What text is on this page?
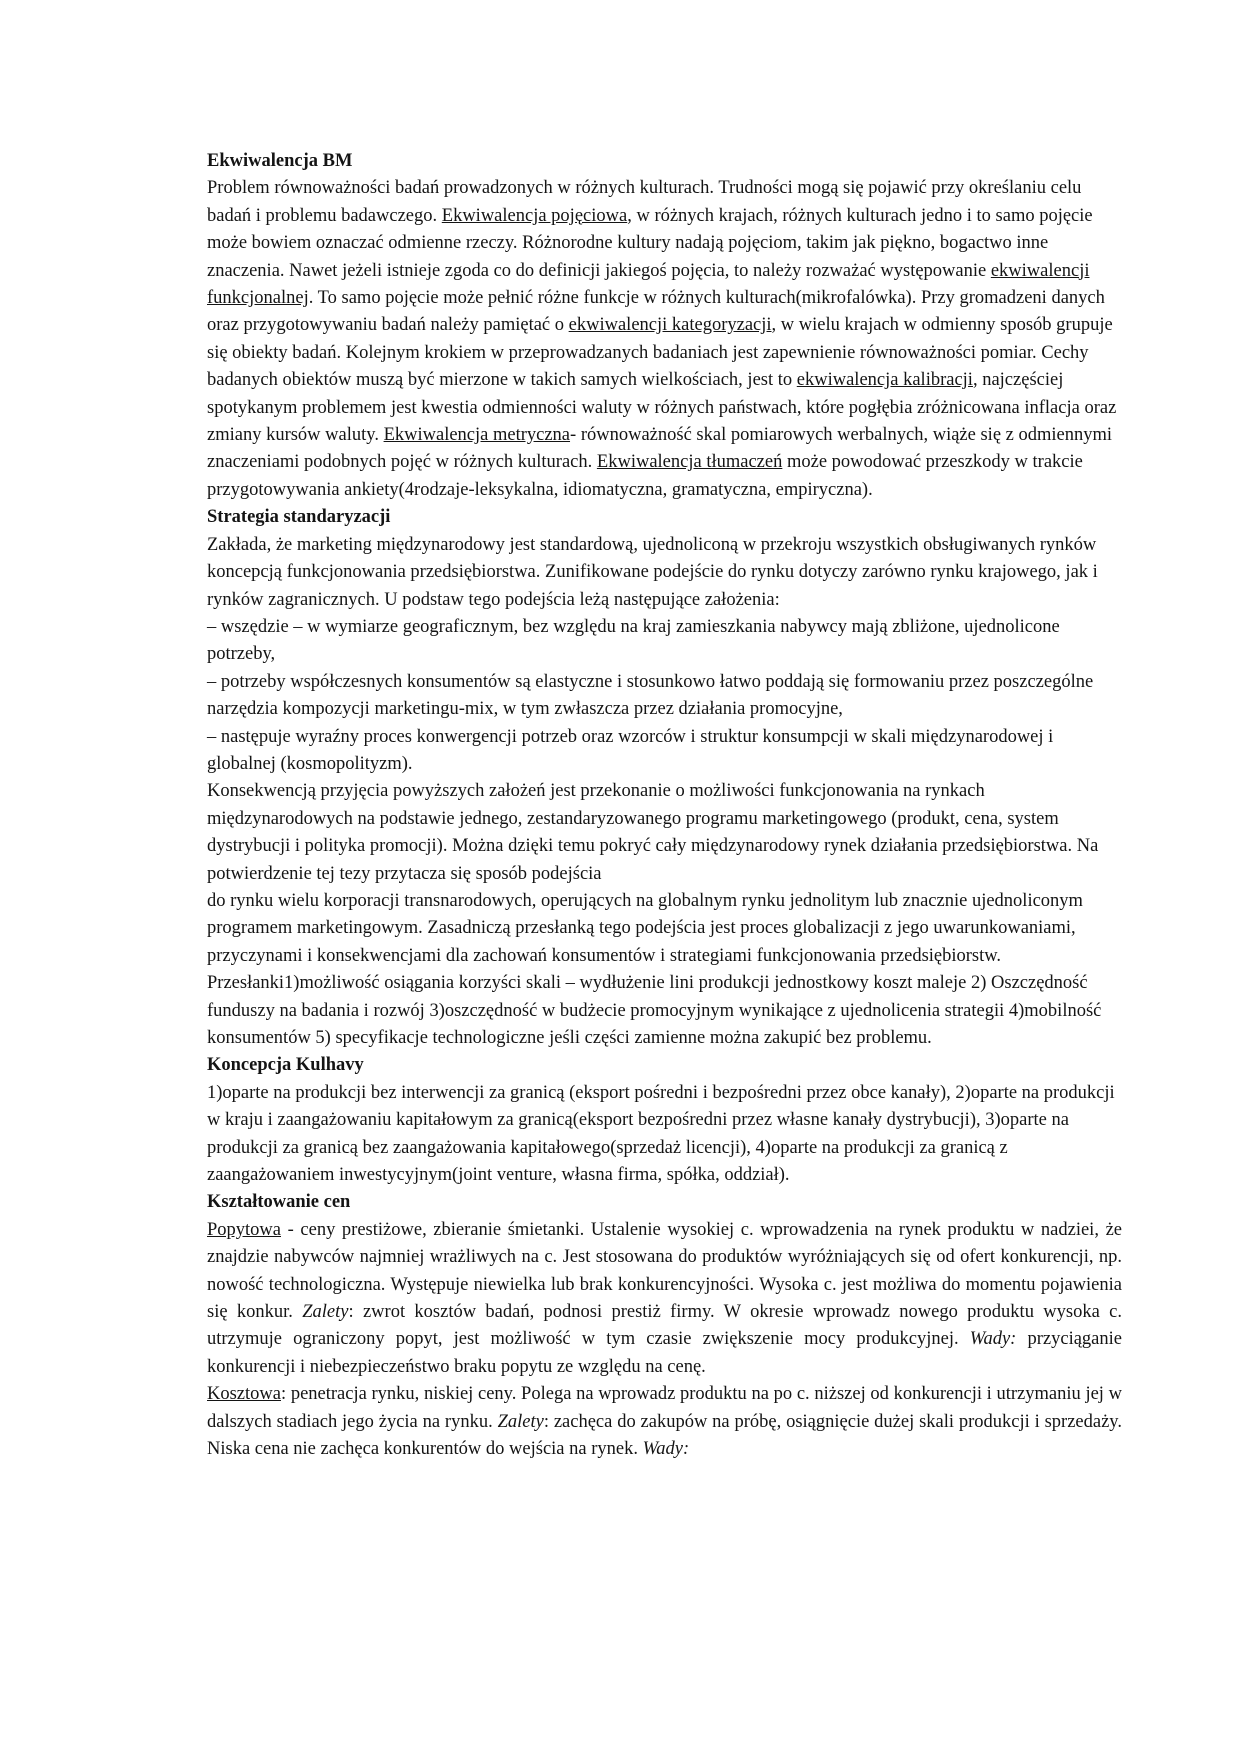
Ekwiwalencja BM
Problem równoważności badań prowadzonych w różnych kulturach. Trudności mogą się pojawić przy określaniu celu badań i problemu badawczego. Ekwiwalencja pojęciowa, w różnych krajach, różnych kulturach jedno i to samo pojęcie może bowiem oznaczać odmienne rzeczy. Różnorodne kultury nadają pojęciom, takim jak piękno, bogactwo inne znaczenia. Nawet jeżeli istnieje zgoda co do definicji jakiegoś pojęcia, to należy rozważać występowanie ekwiwalencji funkcjonalnej. To samo pojęcie może pełnić różne funkcje w różnych kulturach(mikrofalówka). Przy gromadzeni danych oraz przygotowywaniu badań należy pamiętać o ekwiwalencji kategoryzacji, w wielu krajach w odmienny sposób grupuje się obiekty badań. Kolejnym krokiem w przeprowadzanych badaniach jest zapewnienie równoważności pomiar. Cechy badanych obiektów muszą być mierzone w takich samych wielkościach, jest to ekwiwalencja kalibracji, najczęściej spotykanym problemem jest kwestia odmienności waluty w różnych państwach, które pogłębia zróżnicowana inflacja oraz zmiany kursów waluty. Ekwiwalencja metryczna- równoważność skal pomiarowych werbalnych, wiąże się z odmiennymi znaczeniami podobnych pojęć w różnych kulturach. Ekwiwalencja tłumaczeń może powodować przeszkody w trakcie przygotowywania ankiety(4rodzaje-leksykalna, idiomatyczna, gramatyczna, empiryczna).
Strategia standaryzacji
Zakłada, że marketing międzynarodowy jest standardową, ujednoliconą w przekroju wszystkich obsługiwanych rynków koncepcją funkcjonowania przedsiębiorstwa. Zunifikowane podejście do rynku dotyczy zarówno rynku krajowego, jak i rynków zagranicznych. U podstaw tego podejścia leżą następujące założenia:
– wszędzie – w wymiarze geograficznym, bez względu na kraj zamieszkania nabywcy mają zbliżone, ujednolicone potrzeby,
– potrzeby współczesnych konsumentów są elastyczne i stosunkowo łatwo poddają się formowaniu przez poszczególne narzędzia kompozycji marketingu-mix, w tym zwłaszcza przez działania promocyjne,
– następuje wyraźny proces konwergencji potrzeb oraz wzorców i struktur konsumpcji w skali międzynarodowej i globalnej (kosmopolityzm).
Konsekwencją przyjęcia powyższych założeń jest przekonanie o możliwości funkcjonowania na rynkach międzynarodowych na podstawie jednego, zestandaryzowanego programu marketingowego (produkt, cena, system dystrybucji i polityka promocji). Można dzięki temu pokryć cały międzynarodowy rynek działania przedsiębiorstwa. Na potwierdzenie tej tezy przytacza się sposób podejścia
do rynku wielu korporacji transnarodowych, operujących na globalnym rynku jednolitym lub znacznie ujednoliconym programem marketingowym. Zasadniczą przesłanką tego podejścia jest proces globalizacji z jego uwarunkowaniami, przyczynami i konsekwencjami dla zachowań konsumentów i strategiami funkcjonowania przedsiębiorstw.
Przesłanki1)możliwość osiągania korzyści skali – wydłużenie lini produkcji jednostkowy koszt maleje 2) Oszczędność funduszy na badania i rozwój 3)oszczędność w budżecie promocyjnym wynikające z ujednolicenia strategii 4)mobilność konsumentów 5) specyfikacje technologiczne jeśli części zamienne można zakupić bez problemu.
Koncepcja Kulhavy
1)oparte na produkcji bez interwencji za granicą (eksport pośredni i bezpośredni przez obce kanały), 2)oparte na produkcji w kraju i zaangażowaniu kapitałowym za granicą(eksport bezpośredni przez własne kanały dystrybucji), 3)oparte na produkcji za granicą bez zaangażowania kapitałowego(sprzedaż licencji), 4)oparte na produkcji za granicą z zaangażowaniem inwestycyjnym(joint venture, własna firma, spółka, oddział).
Kształtowanie cen
Popytowa - ceny prestiżowe, zbieranie śmietanki. Ustalenie wysokiej c. wprowadzenia na rynek produktu w nadziei, że znajdzie nabywców najmniej wrażliwych na c. Jest stosowana do produktów wyróżniających się od ofert konkurencji, np. nowość technologiczna. Występuje niewielka lub brak konkurencyjności. Wysoka c. jest możliwa do momentu pojawienia się konkur. Zalety: zwrot kosztów badań, podnosi prestiż firmy. W okresie wprowadz nowego produktu wysoka c. utrzymuje ograniczony popyt, jest możliwość w tym czasie zwiększenie mocy produkcyjnej. Wady: przyciąganie konkurencji i niebezpieczeństwo braku popytu ze względu na cenę.
Kosztowa: penetracja rynku, niskiej ceny. Polega na wprowadz produktu na po c. niższej od konkurencji i utrzymaniu jej w dalszych stadiach jego życia na rynku. Zalety: zachęca do zakupów na próbę, osiągnięcie dużej skali produkcji i sprzedaży. Niska cena nie zachęca konkurentów do wejścia na rynek. Wady:
